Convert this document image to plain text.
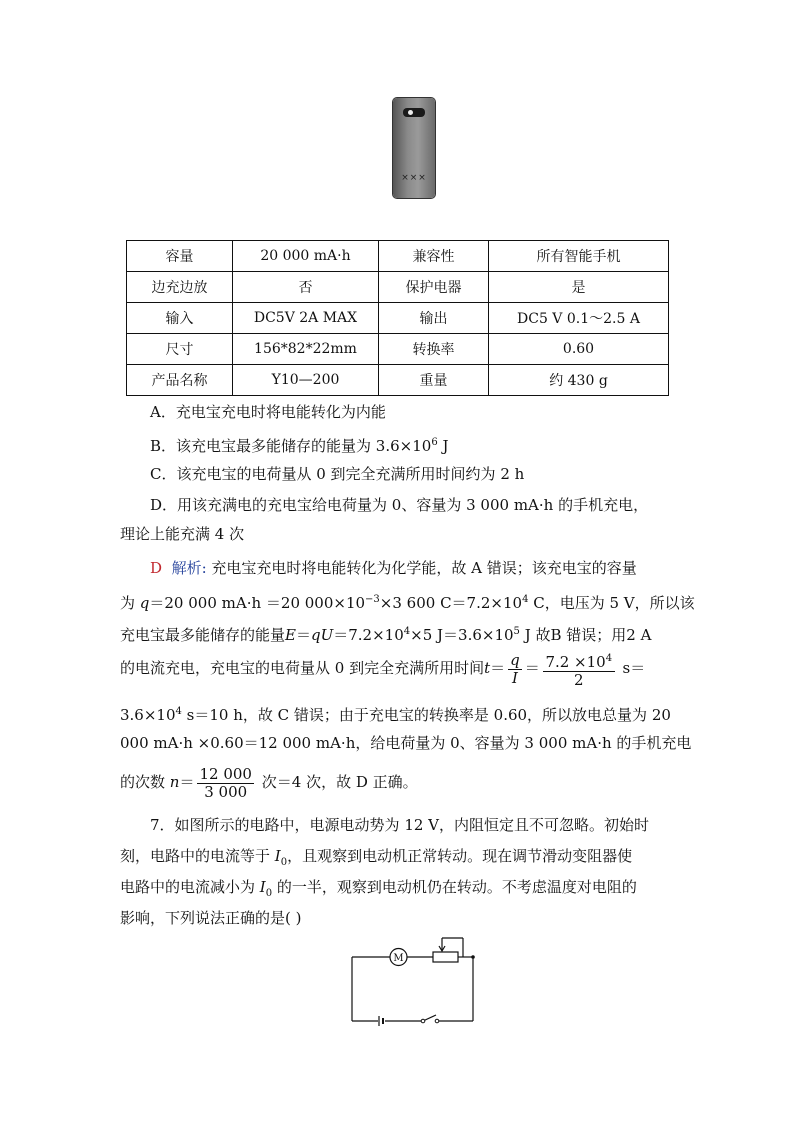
×××
容量	20 000 mA·h	兼容性	所有智能手机
边充边放	否	保护电器	是
输入	DC5V 2A MAX	输出	DC5 V 0.1～2.5 A
尺寸	156*82*22mm	转换率	0.60
产品名称	Y10—200	重量	约 430 g
A．充电宝充电时将电能转化为内能
B．该充电宝最多能储存的能量为 $3.6\times 10^6$ J
C．该充电宝的电荷量从 0 到完全充满所用时间约为 2 h
D．用该充满电的充电宝给电荷量为 0、容量为 3 000 mA·h 的手机充电，
理论上能充满 4 次
D 解析: 充电宝充电时将电能转化为化学能，故 A 错误；该充电宝的容量
为 q＝20 000 mA·h ＝20 $000\times 10^{-3}\times 3$ 600 $C=7.2\times 10^4$ C，电压为 5 V，所以该
充电宝最多能储存的能量$E=qU=7.2\times 10^4\times 5$ $J=3.6\times 10^5$ J 故B 错误；用2 A
的电流充电，充电宝的电荷量从 0 到完全充满所用时间$t= \frac{q}{I} = \frac{7.2 \times 10^4}{2} s=$
$3.6\times 10^4$ s＝10 h，故 C 错误；由于充电宝的转换率是 0.60，所以放电总量为 20
000 mA·h ×0.60＝12 000 mA·h，给电荷量为 0、容量为 3 000 mA·h 的手机充电
的次数 $n= \frac{12 000}{3 000}$ 次＝4 次，故 D 正确。
7．如图所示的电路中，电源电动势为 12 V，内阻恒定且不可忽略。初始时
刻，电路中的电流等于 $I_0$，且观察到电动机正常转动。现在调节滑动变阻器使
电路中的电流减小为 $I_0$ 的一半，观察到电动机仍在转动。不考虑温度对电阻的
影响，下列说法正确的是( )
M
